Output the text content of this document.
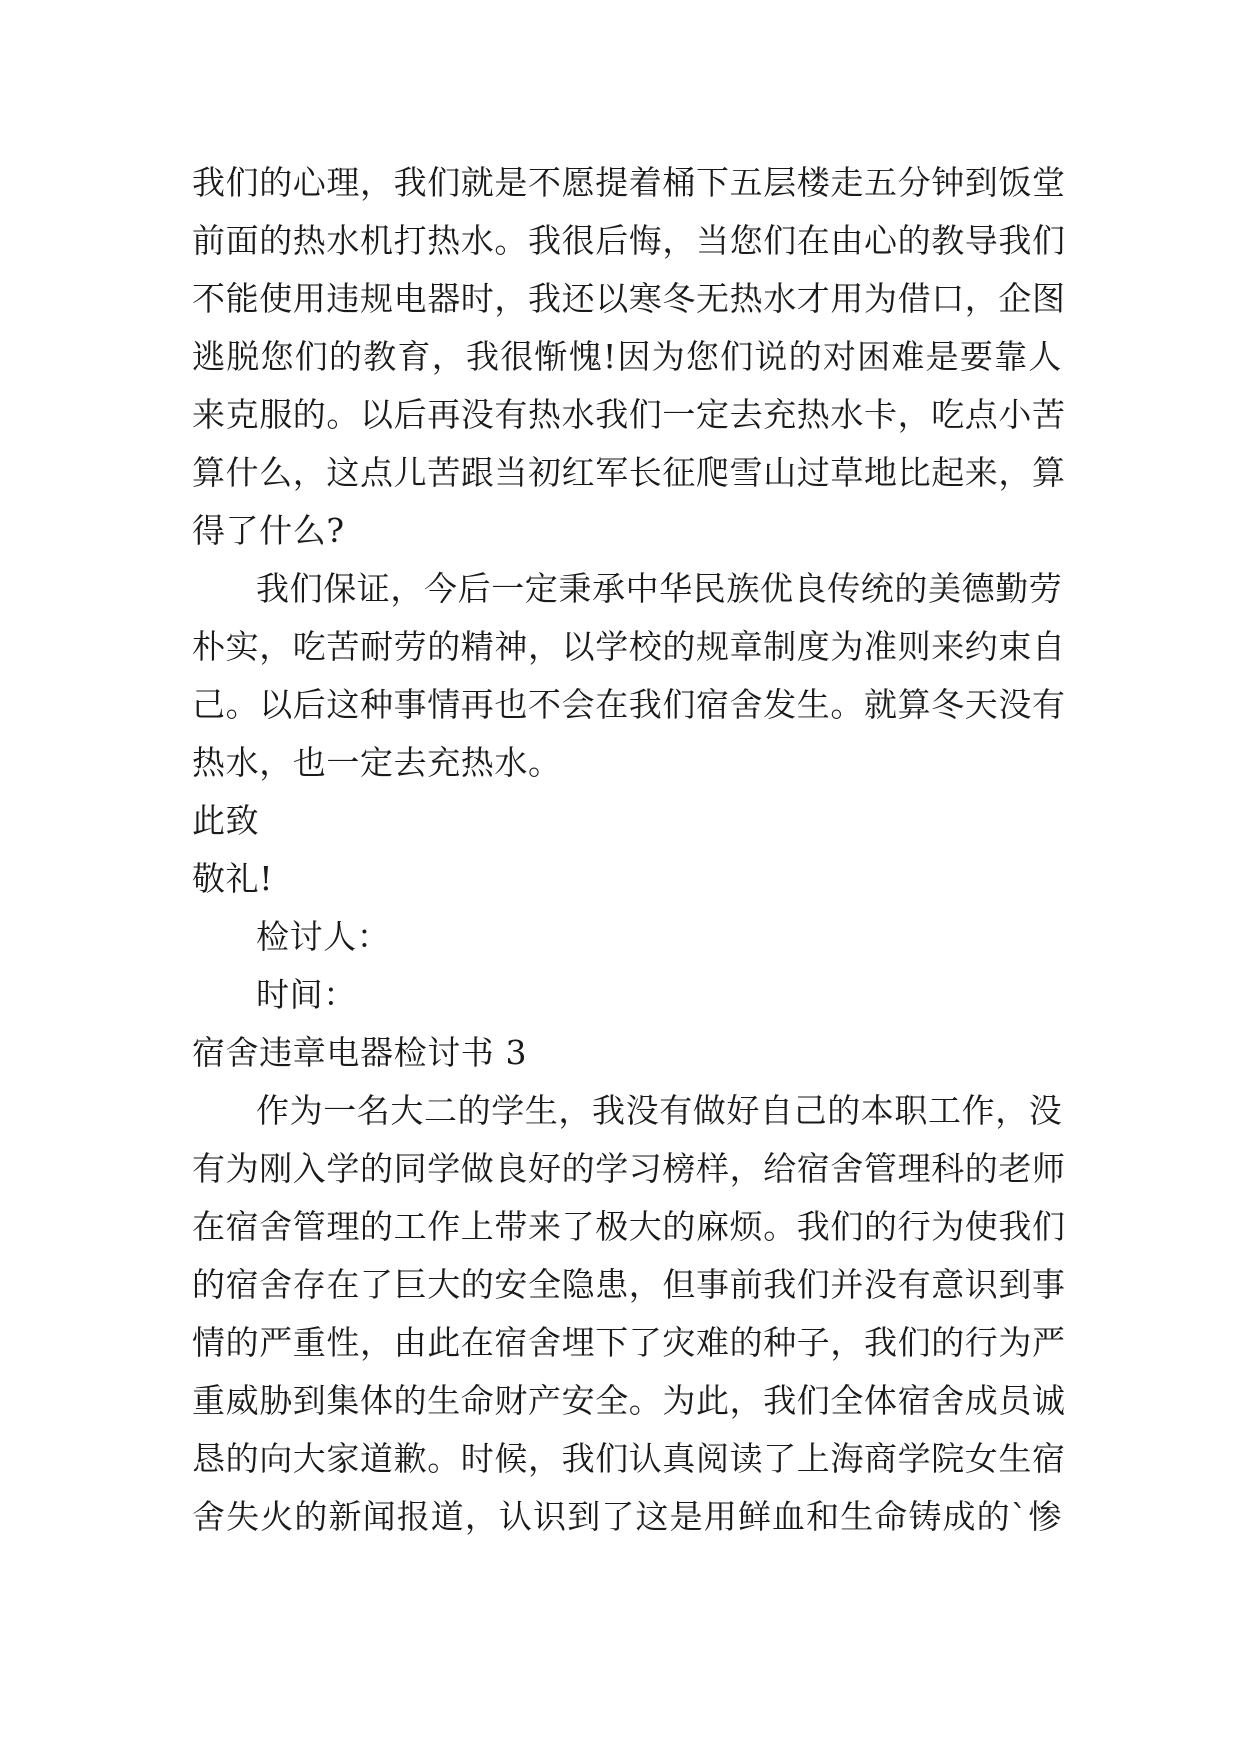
我们的心理，我们就是不愿提着桶下五层楼走五分钟到饭堂
前面的热水机打热水。我很后悔，当您们在由心的教导我们
不能使用违规电器时，我还以寒冬无热水才用为借口，企图
逃脱您们的教育，我很惭愧!因为您们说的对困难是要靠人
来克服的。以后再没有热水我们一定去充热水卡，吃点小苦
算什么，这点儿苦跟当初红军长征爬雪山过草地比起来，算
得了什么?
我们保证，今后一定秉承中华民族优良传统的美德勤劳
朴实，吃苦耐劳的精神，以学校的规章制度为准则来约束自
己。以后这种事情再也不会在我们宿舍发生。就算冬天没有
热水，也一定去充热水。
此致
敬礼!
检讨人：
时间：
宿舍违章电器检讨书 3
作为一名大二的学生，我没有做好自己的本职工作，没
有为刚入学的同学做良好的学习榜样，给宿舍管理科的老师
在宿舍管理的工作上带来了极大的麻烦。我们的行为使我们
的宿舍存在了巨大的安全隐患，但事前我们并没有意识到事
情的严重性，由此在宿舍埋下了灾难的种子，我们的行为严
重威胁到集体的生命财产安全。为此，我们全体宿舍成员诚
恳的向大家道歉。时候，我们认真阅读了上海商学院女生宿
舍失火的新闻报道，认识到了这是用鲜血和生命铸成的`惨
